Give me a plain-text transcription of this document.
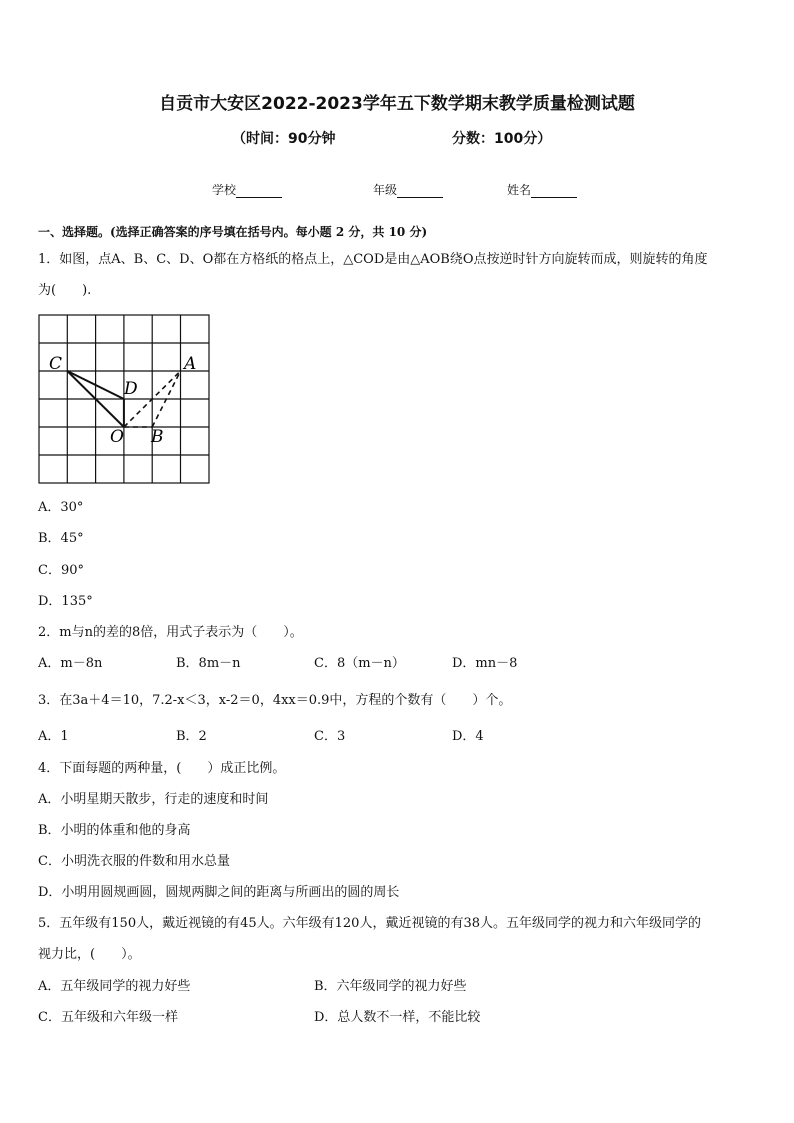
自贡市大安区2022-2023学年五下数学期末教学质量检测试题
（时间：90分钟	分数：100分）
学校	年级	姓名
一、选择题。(选择正确答案的序号填在括号内。每小题 2 分，共 10 分)
1．如图，点A、B、C、D、O都在方格纸的格点上，△COD是由△AOB绕O点按逆时针方向旋转而成，则旋转的角度
为(　　).
C
D
A
O B
A．30°
B．45°
C．90°
D．135°
2．m与n的差的8倍，用式子表示为（　　）。
A．m－8n	B．8m－n	C．8（m－n）	D．mn－8
3．在3a＋4＝10，7.2-x＜3，x-2＝0，4xx＝0.9中，方程的个数有（　　）个。
A．1	B．2	C．3	D．4
4．下面每题的两种量，(　　）成正比例。
A．小明星期天散步，行走的速度和时间
B．小明的体重和他的身高
C．小明洗衣服的件数和用水总量
D．小明用圆规画圆，圆规两脚之间的距离与所画出的圆的周长
5．五年级有150人，戴近视镜的有45人。六年级有120人，戴近视镜的有38人。五年级同学的视力和六年级同学的
视力比，(　　）。
A．五年级同学的视力好些	B．六年级同学的视力好些
C．五年级和六年级一样	D．总人数不一样，不能比较
